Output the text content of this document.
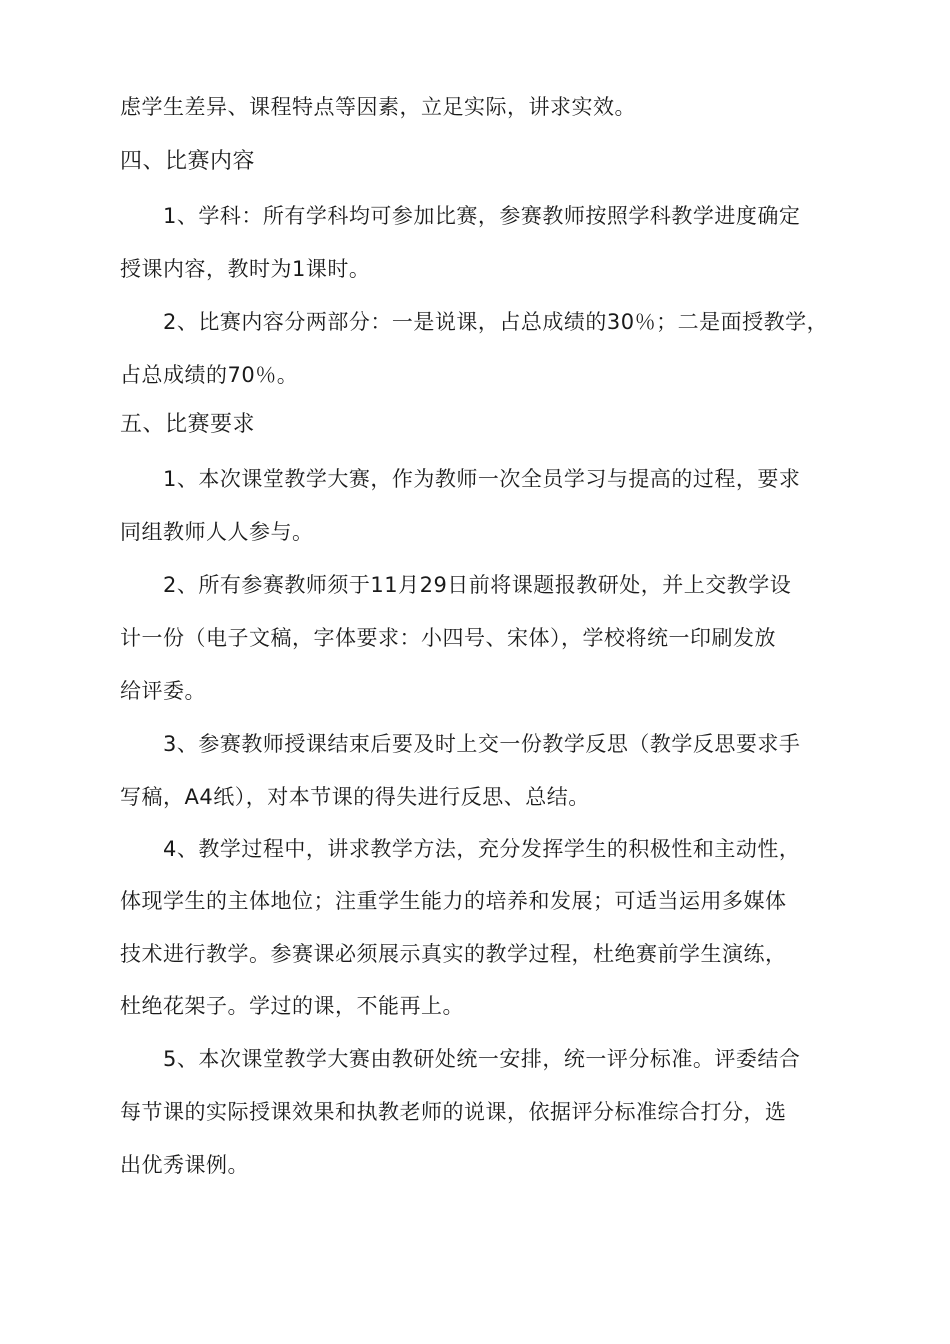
虑学生差异、课程特点等因素，立足实际，讲求实效。
四、比赛内容
1、学科：所有学科均可参加比赛，参赛教师按照学科教学进度确定
授课内容，教时为1课时。
2、比赛内容分两部分：一是说课，占总成绩的30％；二是面授教学，
占总成绩的70％。
五、比赛要求
1、本次课堂教学大赛，作为教师一次全员学习与提高的过程，要求
同组教师人人参与。
2、所有参赛教师须于11月29日前将课题报教研处，并上交教学设
计一份（电子文稿，字体要求：小四号、宋体），学校将统一印刷发放
给评委。
3、参赛教师授课结束后要及时上交一份教学反思（教学反思要求手
写稿，A4纸），对本节课的得失进行反思、总结。
4、教学过程中，讲求教学方法，充分发挥学生的积极性和主动性，
体现学生的主体地位；注重学生能力的培养和发展；可适当运用多媒体
技术进行教学。参赛课必须展示真实的教学过程，杜绝赛前学生演练，
杜绝花架子。学过的课，不能再上。
5、本次课堂教学大赛由教研处统一安排，统一评分标准。评委结合
每节课的实际授课效果和执教老师的说课，依据评分标准综合打分，选
出优秀课例。
